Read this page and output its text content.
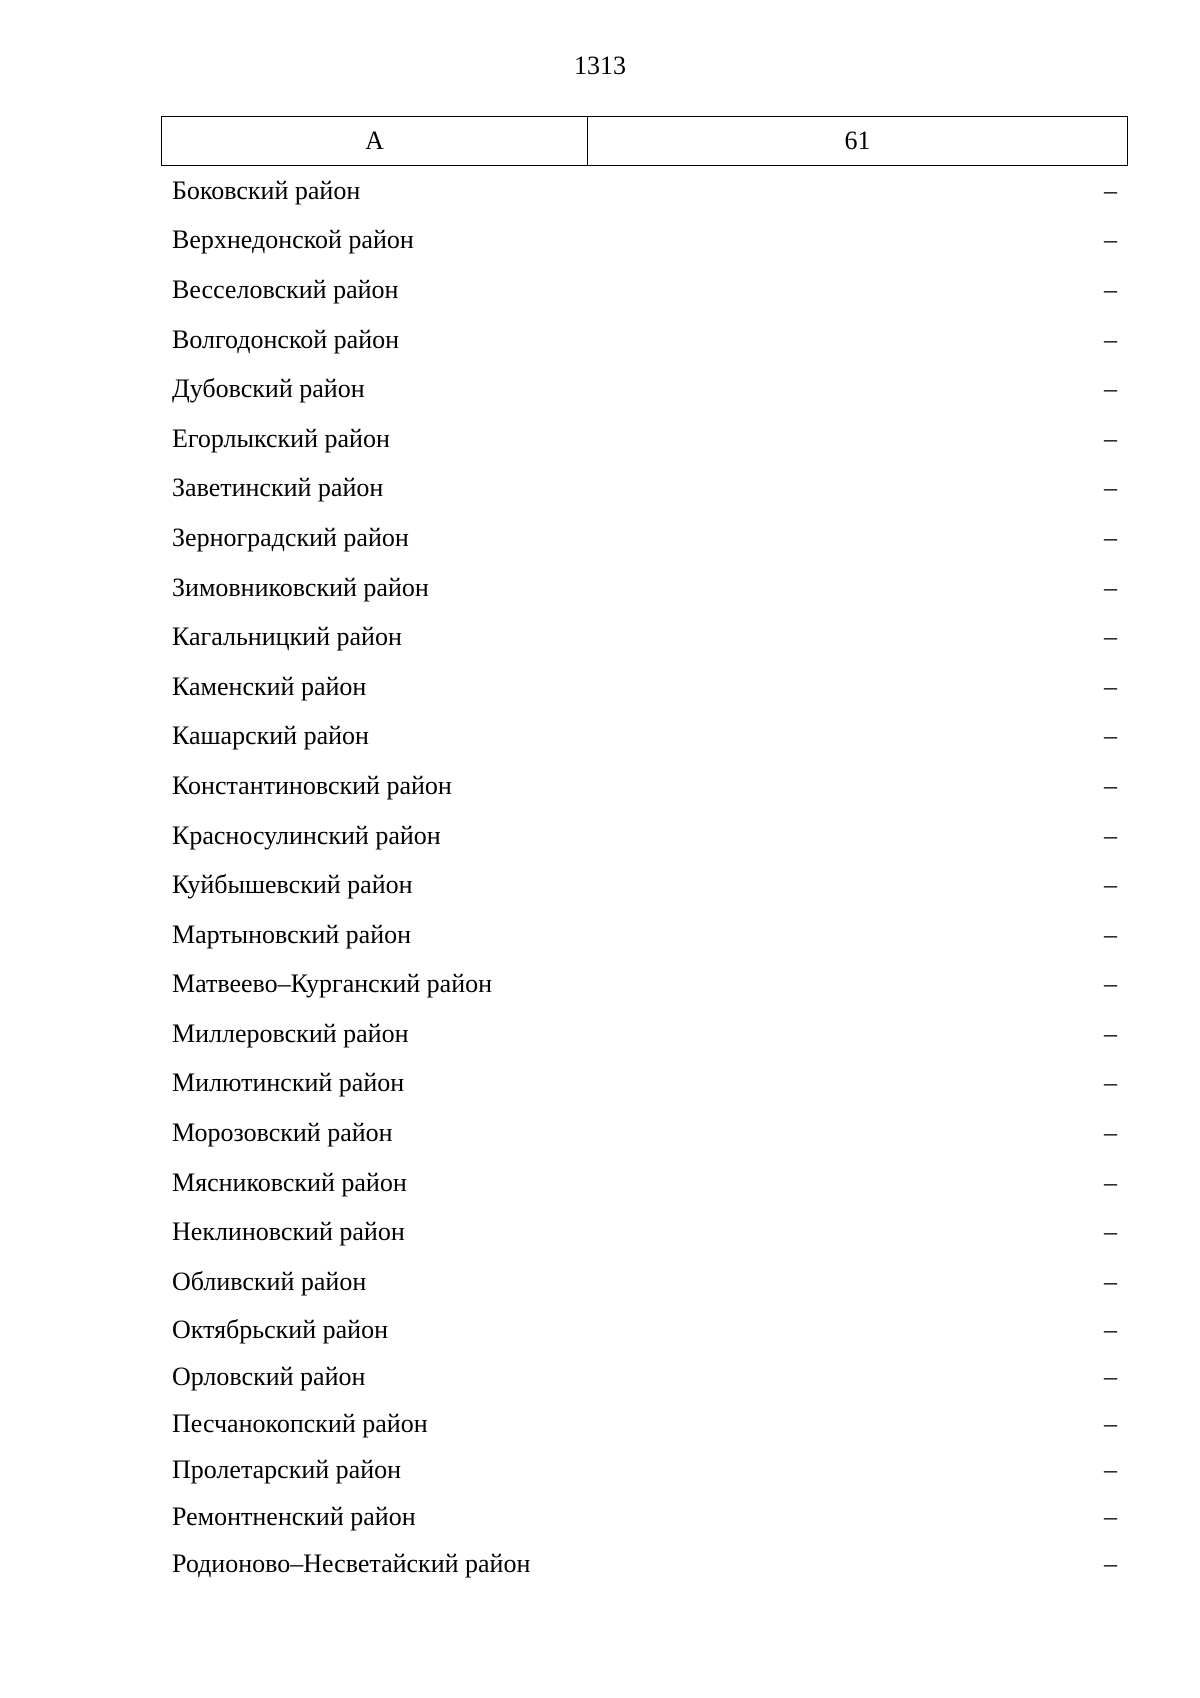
1313
А	61
Боковский район	–
Верхнедонской район	–
Весселовский район	–
Волгодонской район	–
Дубовский район	–
Егорлыкский район	–
Заветинский район	–
Зерноградский район	–
Зимовниковский район	–
Кагальницкий район	–
Каменский район	–
Кашарский район	–
Константиновский район	–
Красносулинский район	–
Куйбышевский район	–
Мартыновский район	–
Матвеево–Курганский район	–
Миллеровский район	–
Милютинский район	–
Морозовский район	–
Мясниковский район	–
Неклиновский район	–
Обливский район	–
Октябрьский район	–
Орловский район	–
Песчанокопский район	–
Пролетарский район	–
Ремонтненский район	–
Родионово–Несветайский район	–
